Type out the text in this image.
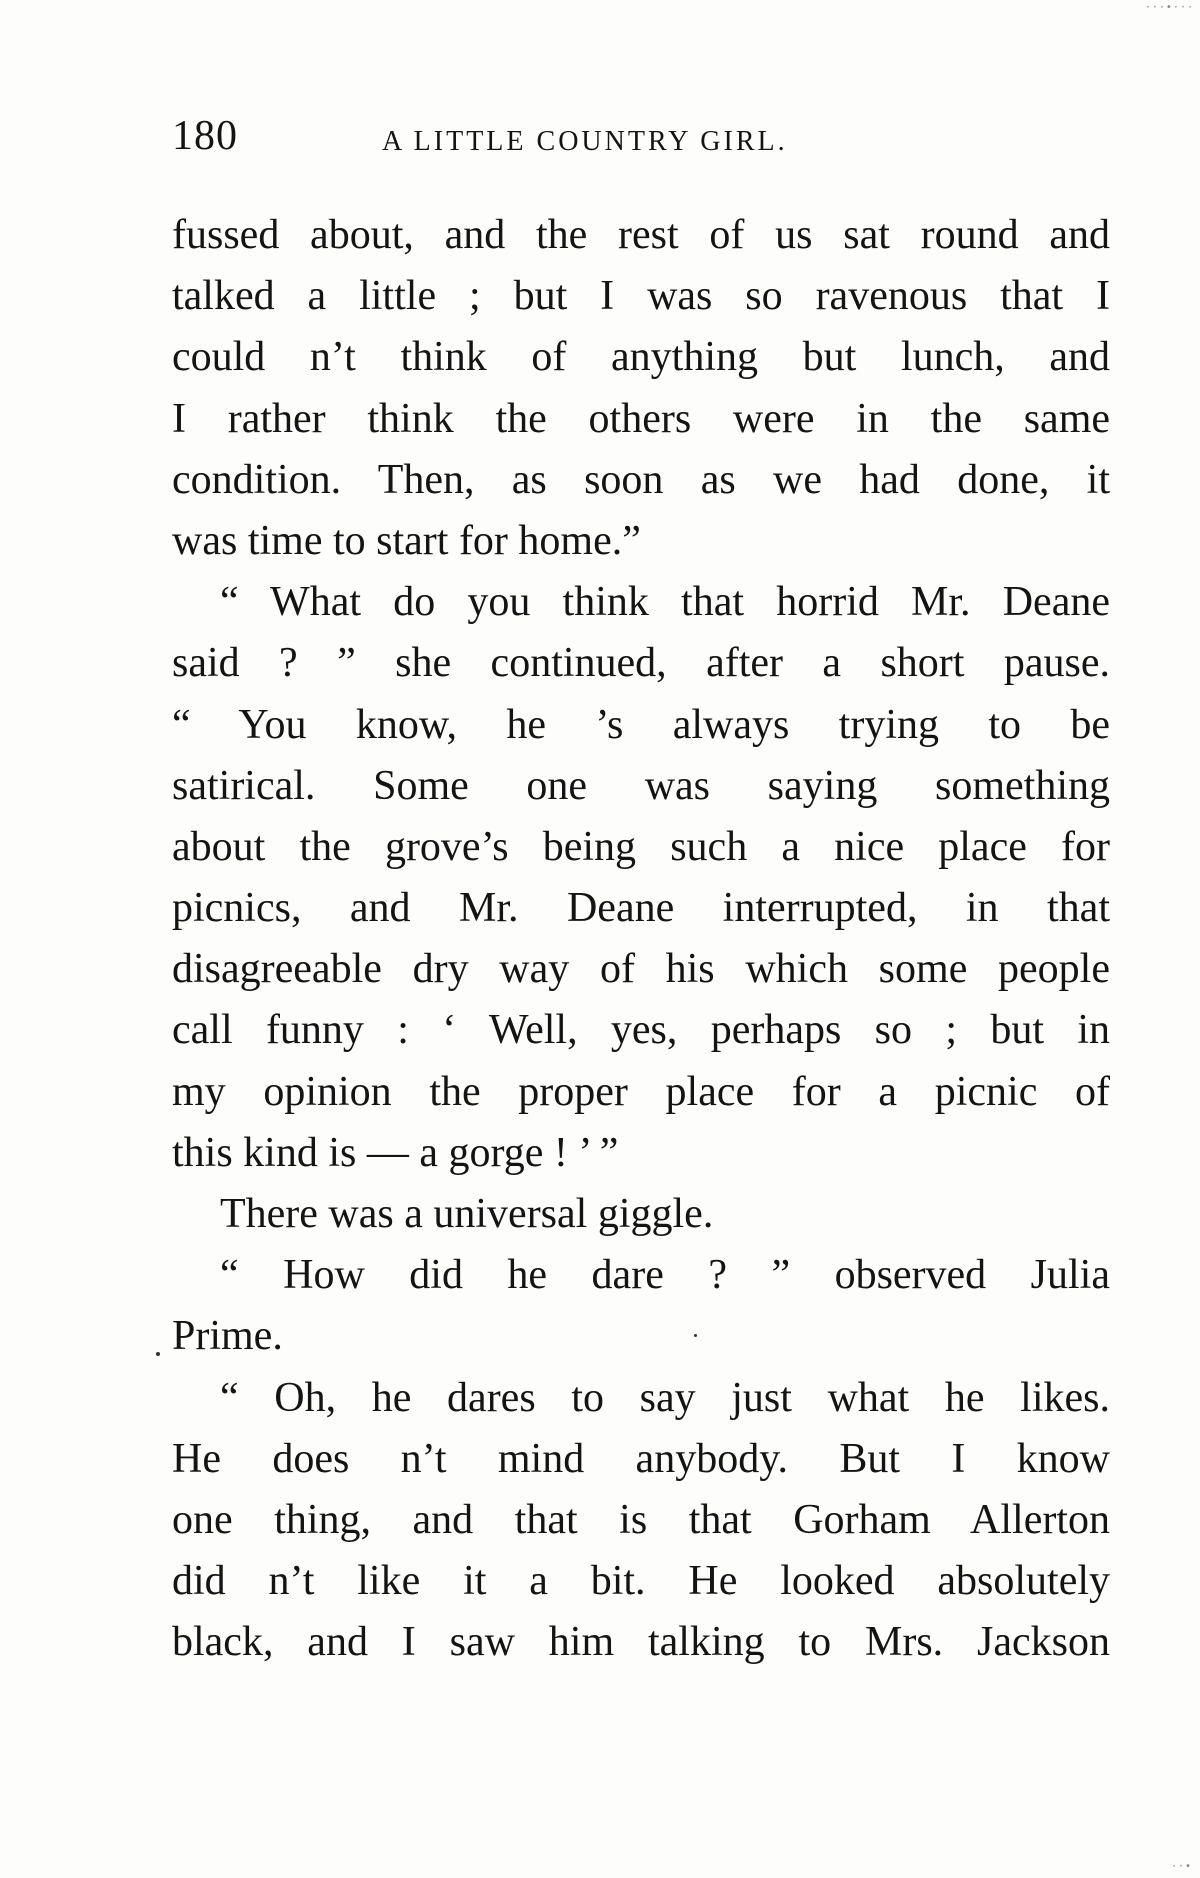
·⋅·•·⋅·
·⋅•
180	A LITTLE COUNTRY GIRL.
fussed about, and the rest of us sat round and
talked a little ; but I was so ravenous that I
could n’t think of anything but lunch, and
I rather think the others were in the same
condition. Then, as soon as we had done, it
was time to start for home.”
“ What do you think that horrid Mr. Deane
said ? ” she continued, after a short pause.
“ You know, he ’s always trying to be
satirical. Some one was saying something
about the grove’s being such a nice place for
picnics, and Mr. Deane interrupted, in that
disagreeable dry way of his which some people
call funny : ‘ Well, yes, perhaps so ; but in
my opinion the proper place for a picnic of
this kind is — a gorge ! ’ ”
There was a universal giggle.
“ How did he dare ? ” observed Julia
Prime.
“ Oh, he dares to say just what he likes.
He does n’t mind anybody. But I know
one thing, and that is that Gorham Allerton
did n’t like it a bit. He looked absolutely
black, and I saw him talking to Mrs. Jackson
